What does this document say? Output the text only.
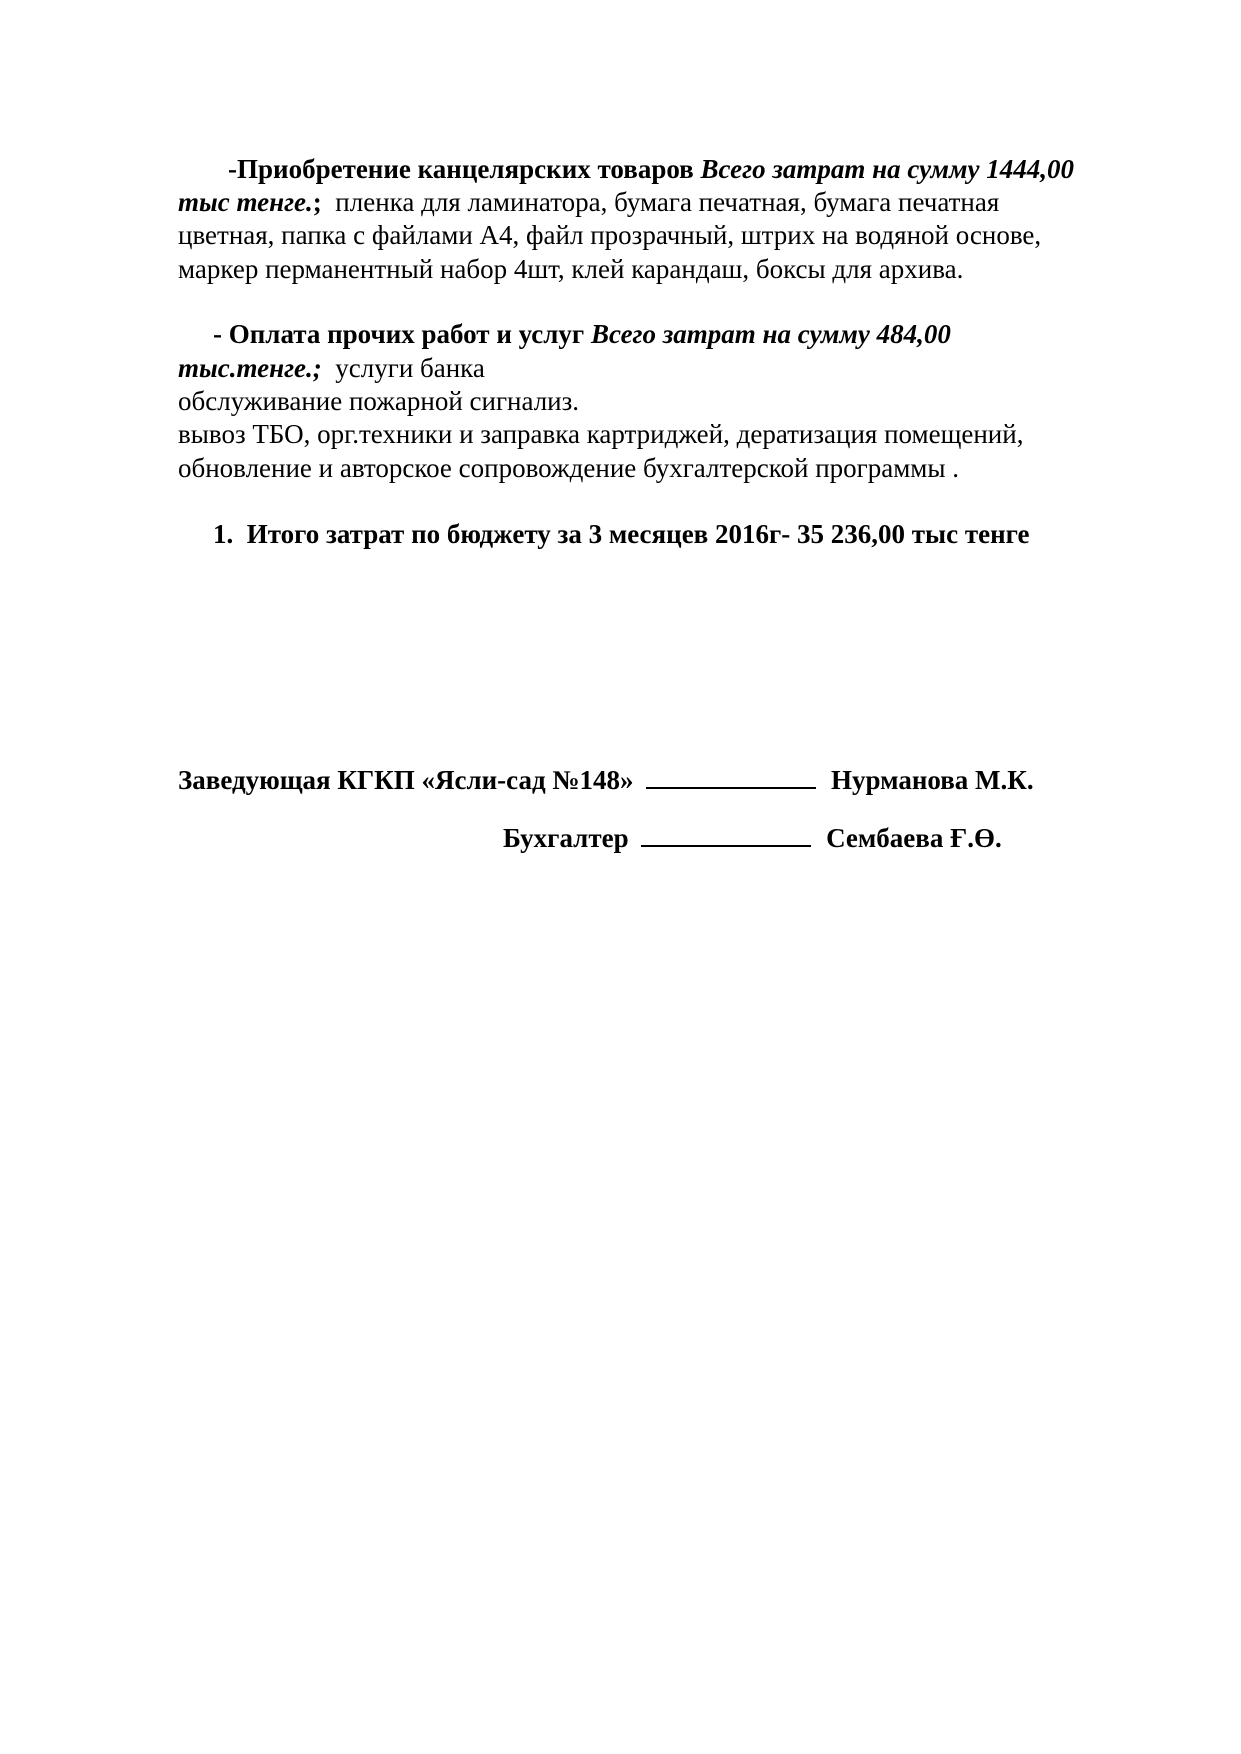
-Приобретение канцелярских товаров Всего затрат на сумму 1444,00
тыс тенге.; пленка для ламинатора, бумага печатная, бумага печатная
цветная, папка с файлами А4, файл прозрачный, штрих на водяной основе,
маркер перманентный набор 4шт, клей карандаш, боксы для архива.
- Оплата прочих работ и услуг Всего затрат на сумму 484,00
тыс.тенге.; услуги банка
обслуживание пожарной сигнализ.
вывоз ТБО, орг.техники и заправка картриджей, дератизация помещений,
обновление и авторское сопровождение бухгалтерской программы .
1. Итого затрат по бюджету за 3 месяцев 2016г- 35 236,00 тыс тенге
Заведующая КГКП «Ясли-сад №148»	Нурманова М.К.
Бухгалтер	Сембаева Ғ.Ө.
